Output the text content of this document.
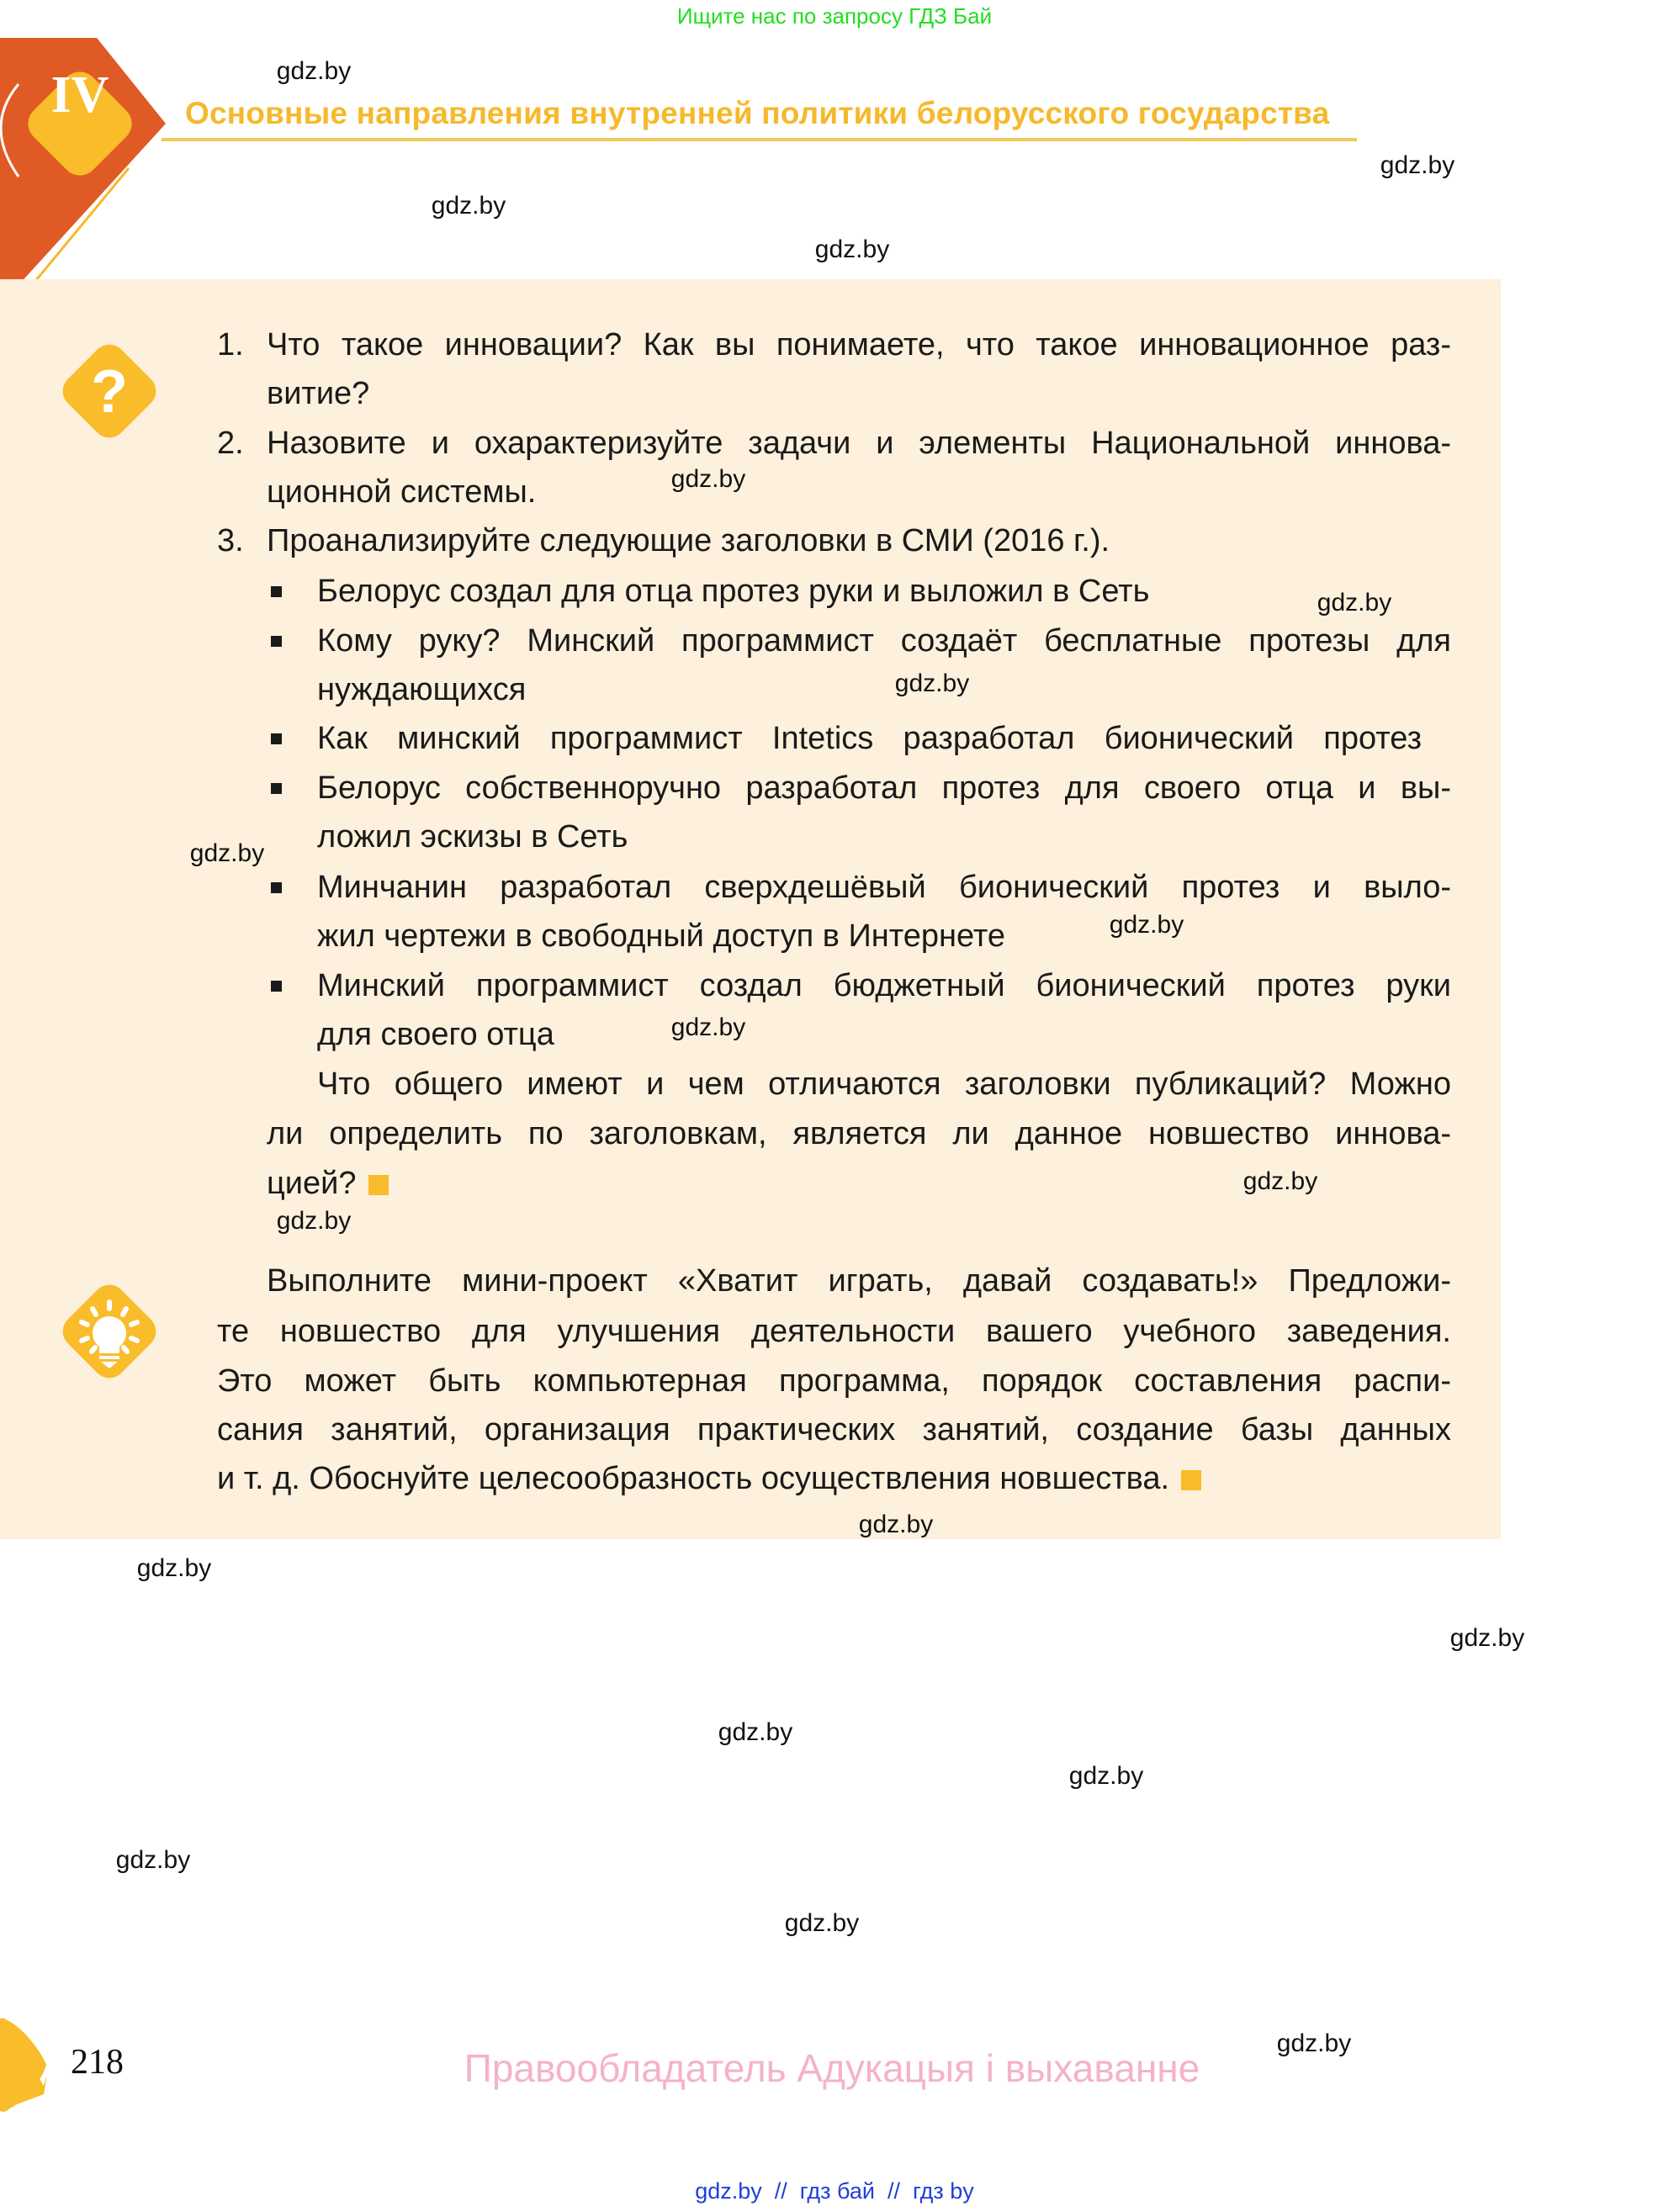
Ищите нас по запросу ГДЗ Бай
IV	Основные направления внутренней политики белорусского государства
?
1. Что такое инновации? Как вы понимаете, что такое инновационное раз-
витие?
2. Назовите и охарактеризуйте задачи и элементы Национальной иннова-
ционной системы.
3. Проанализируйте следующие заголовки в СМИ (2016 г.).
Белорус создал для отца протез руки и выложил в Сеть
Кому руку? Минский программист создаёт бесплатные протезы для
нуждающихся
Как минский программист Intetics разработал бионический протез
Белорус собственноручно разработал протез для своего отца и вы-
ложил эскизы в Сеть
Минчанин разработал сверхдешёвый бионический протез и выло-
жил чертежи в свободный доступ в Интернете
Минский программист создал бюджетный бионический протез руки
для своего отца
Что общего имеют и чем отличаются заголовки публикаций? Можно
ли определить по заголовкам, является ли данное новшество иннова-
цией?
Выполните мини-проект «Хватит играть, давай создавать!» Предложи-
те новшество для улучшения деятельности вашего учебного заведения.
Это может быть компьютерная программа, порядок составления распи-
сания занятий, организация практических занятий, создание базы данных
и т. д. Обоснуйте целесообразность осуществления новшества.
gdz.by
gdz.by
gdz.by
gdz.by
gdz.by
gdz.by
gdz.by
gdz.by
gdz.by
gdz.by
gdz.by
gdz.by
gdz.by
gdz.by
gdz.by
gdz.by
gdz.by
gdz.by
gdz.by
gdz.by
218	Правообладатель Адукацыя і выхаванне
gdz.by  //  гдз бай  //  гдз by
